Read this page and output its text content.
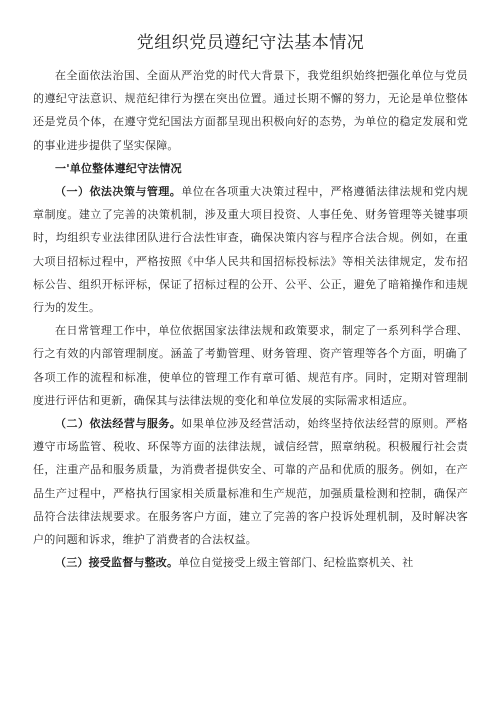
党组织党员遵纪守法基本情况

在全面依法治国、全面从严治党的时代大背景下，我党组织始终把强化单位与党员的遵纪守法意识、规范纪律行为摆在突出位置。通过长期不懈的努力，无论是单位整体还是党员个体，在遵守党纪国法方面都呈现出积极向好的态势，为单位的稳定发展和党的事业进步提供了坚实保障。

一'单位整体遵纪守法情况

（一）依法决策与管理。单位在各项重大决策过程中，严格遵循法律法规和党内规章制度。建立了完善的决策机制，涉及重大项目投资、人事任免、财务管理等关键事项时，均组织专业法律团队进行合法性审查，确保决策内容与程序合法合规。例如，在重大项目招标过程中，严格按照《中华人民共和国招标投标法》等相关法律规定，发布招标公告、组织开标评标，保证了招标过程的公开、公平、公正，避免了暗箱操作和违规行为的发生。

在日常管理工作中，单位依据国家法律法规和政策要求，制定了一系列科学合理、行之有效的内部管理制度。涵盖了考勤管理、财务管理、资产管理等各个方面，明确了各项工作的流程和标准，使单位的管理工作有章可循、规范有序。同时，定期对管理制度进行评估和更新，确保其与法律法规的变化和单位发展的实际需求相适应。

（二）依法经营与服务。如果单位涉及经营活动，始终坚持依法经营的原则。严格遵守市场监管、税收、环保等方面的法律法规，诚信经营，照章纳税。积极履行社会责任，注重产品和服务质量，为消费者提供安全、可靠的产品和优质的服务。例如，在产品生产过程中，严格执行国家相关质量标准和生产规范，加强质量检测和控制，确保产品符合法律法规要求。在服务客户方面，建立了完善的客户投诉处理机制，及时解决客户的问题和诉求，维护了消费者的合法权益。

（三）接受监督与整改。单位自觉接受上级主管部门、纪检监察机关、社
